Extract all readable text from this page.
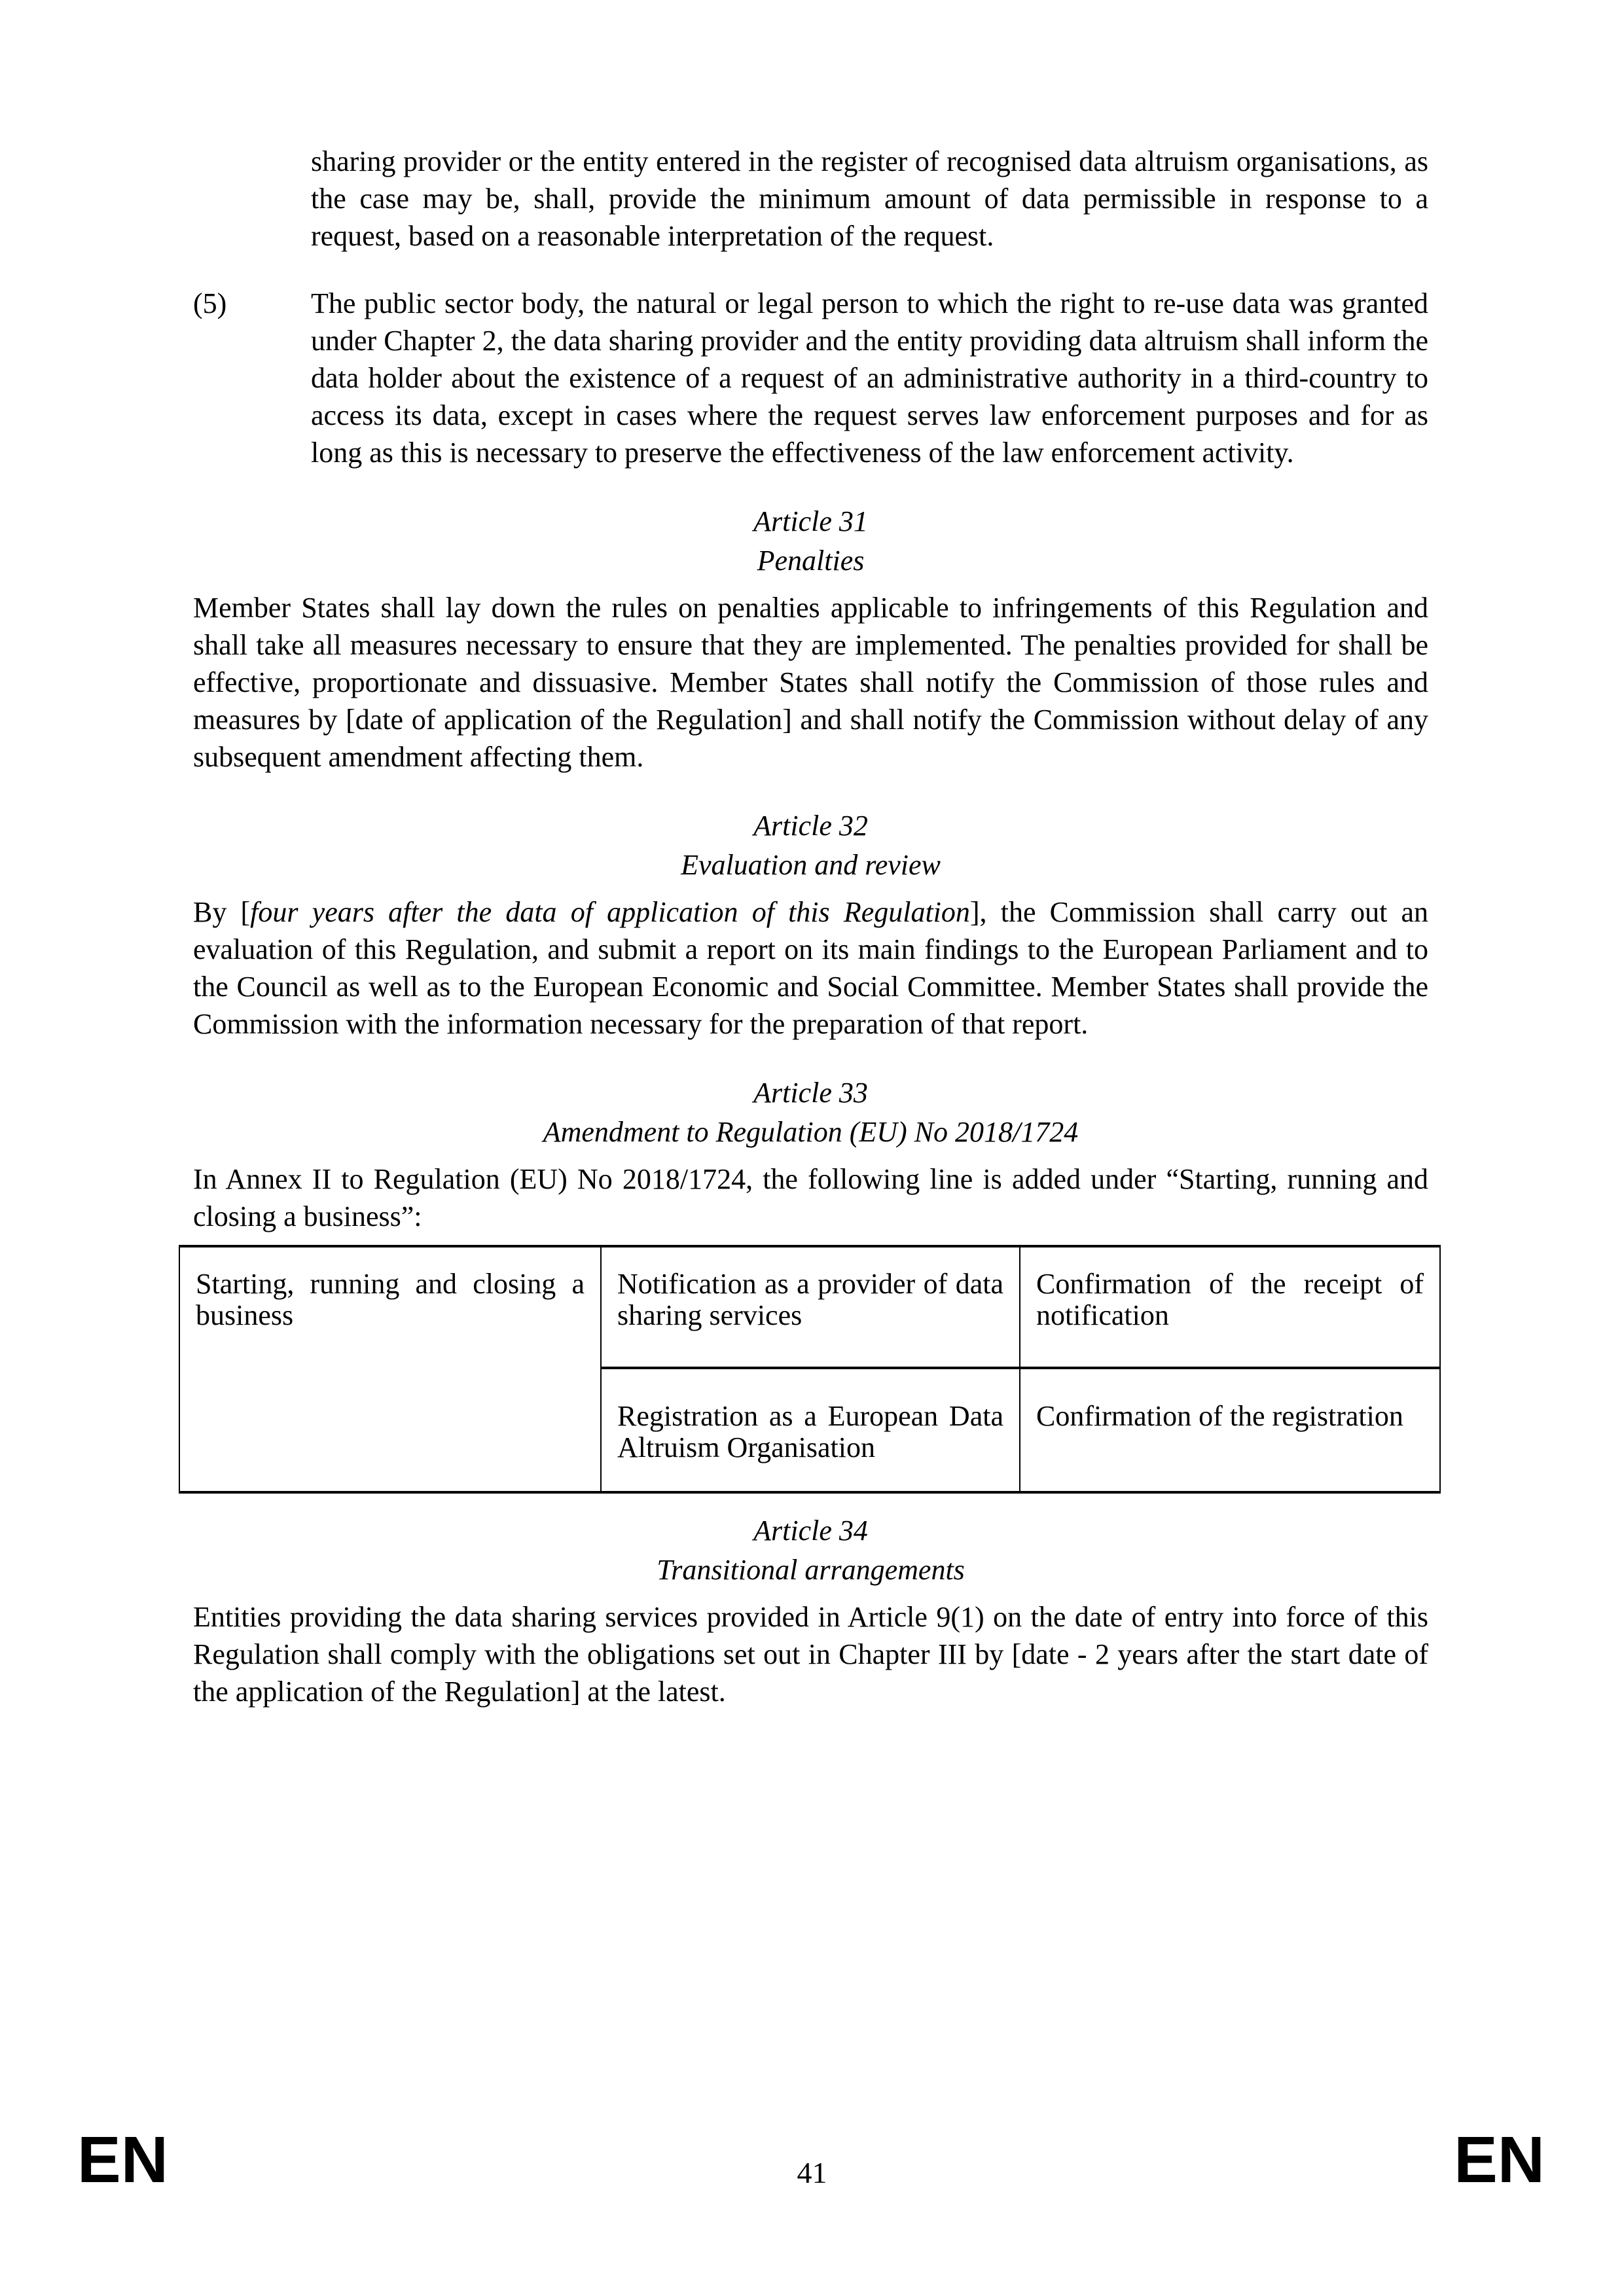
sharing provider or the entity entered in the register of recognised data altruism organisations, as the case may be, shall, provide the minimum amount of data permissible in response to a request, based on a reasonable interpretation of the request.

(5)	The public sector body, the natural or legal person to which the right to re-use data was granted under Chapter 2, the data sharing provider and the entity providing data altruism shall inform the data holder about the existence of a request of an administrative authority in a third-country to access its data, except in cases where the request serves law enforcement purposes and for as long as this is necessary to preserve the effectiveness of the law enforcement activity.
Article 31
Penalties

Member States shall lay down the rules on penalties applicable to infringements of this Regulation and shall take all measures necessary to ensure that they are implemented. The penalties provided for shall be effective, proportionate and dissuasive. Member States shall notify the Commission of those rules and measures by [date of application of the Regulation] and shall notify the Commission without delay of any subsequent amendment affecting them.

Article 32
Evaluation and review

By [four years after the data of application of this Regulation], the Commission shall carry out an evaluation of this Regulation, and submit a report on its main findings to the European Parliament and to the Council as well as to the European Economic and Social Committee. Member States shall provide the Commission with the information necessary for the preparation of that report.

Article 33
Amendment to Regulation (EU) No 2018/1724

In Annex II to Regulation (EU) No 2018/1724, the following line is added under “Starting, running and closing a business”:

Starting, running and closing a business	Notification as a provider of data sharing services	Confirmation of the receipt of notification
	Registration as a European Data Altruism Organisation	Confirmation of the registration
Article 34
Transitional arrangements

Entities providing the data sharing services provided in Article 9(1) on the date of entry into force of this Regulation shall comply with the obligations set out in Chapter III by [date - 2 years after the start date of the application of the Regulation] at the latest.

EN	41	EN
